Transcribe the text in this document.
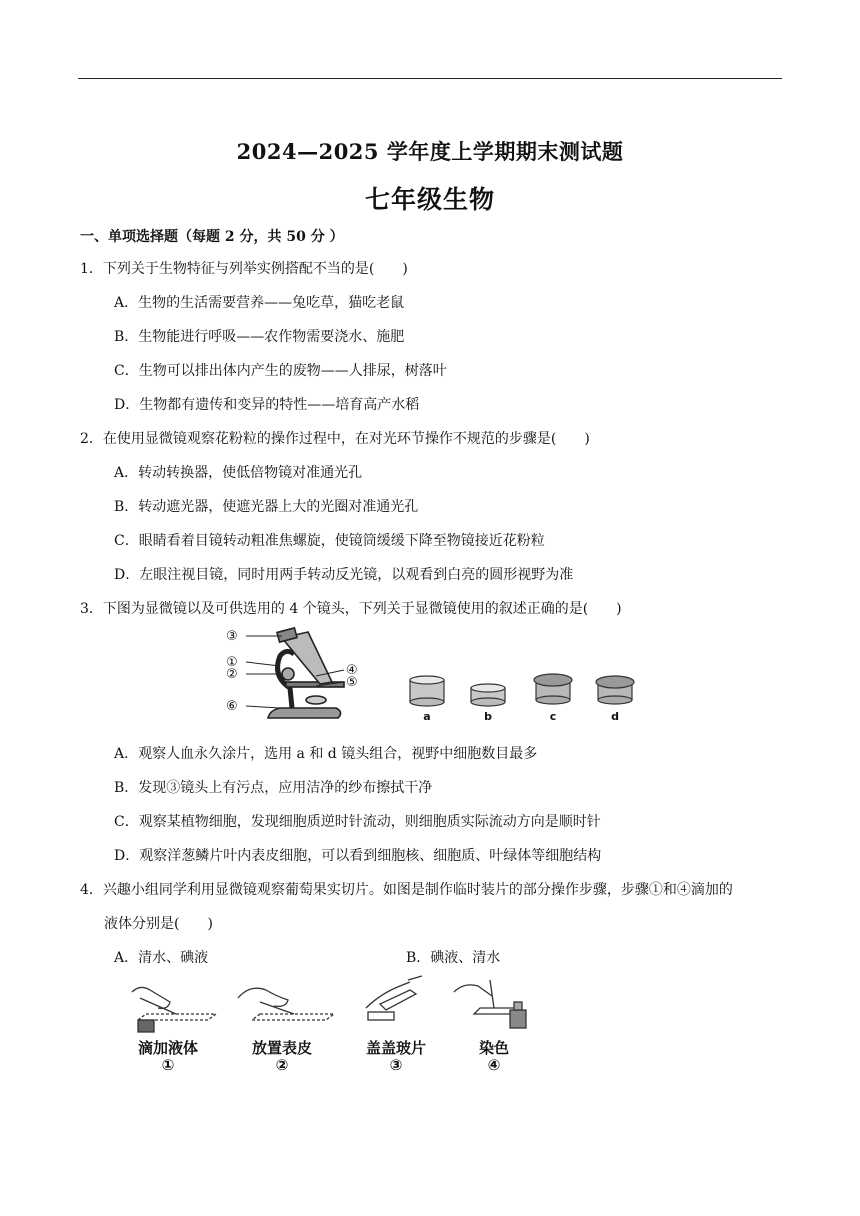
2024—2025 学年度上学期期末测试题
七年级生物
一、单项选择题（每题 2 分，共 50 分 ）
1．下列关于生物特征与列举实例搭配不当的是(　　)
A．生物的生活需要营养——兔吃草，猫吃老鼠
B．生物能进行呼吸——农作物需要浇水、施肥
C．生物可以排出体内产生的废物——人排尿，树落叶
D．生物都有遗传和变异的特性——培育高产水稻
2．在使用显微镜观察花粉粒的操作过程中，在对光环节操作不规范的步骤是(　　)
A．转动转换器，使低倍物镜对准通光孔
B．转动遮光器，使遮光器上大的光圈对准通光孔
C．眼睛看着目镜转动粗准焦螺旋，使镜筒缓缓下降至物镜接近花粉粒
D．左眼注视目镜，同时用两手转动反光镜，以观看到白亮的圆形视野为准
3．下图为显微镜以及可供选用的 4 个镜头，下列关于显微镜使用的叙述正确的是(　　)
③
①
②	④
⑤
⑥
a	b	c	d
A．观察人血永久涂片，选用 a 和 d 镜头组合，视野中细胞数目最多
B．发现③镜头上有污点，应用洁净的纱布擦拭干净
C．观察某植物细胞，发现细胞质逆时针流动，则细胞质实际流动方向是顺时针
D．观察洋葱鳞片叶内表皮细胞，可以看到细胞核、细胞质、叶绿体等细胞结构
4．兴趣小组同学利用显微镜观察葡萄果实切片。如图是制作临时装片的部分操作步骤，步骤①和④滴加的
液体分别是(　　)
A．清水、碘液	B．碘液、清水
滴加液体	放置表皮	盖盖玻片	染色
①	②	③	④
